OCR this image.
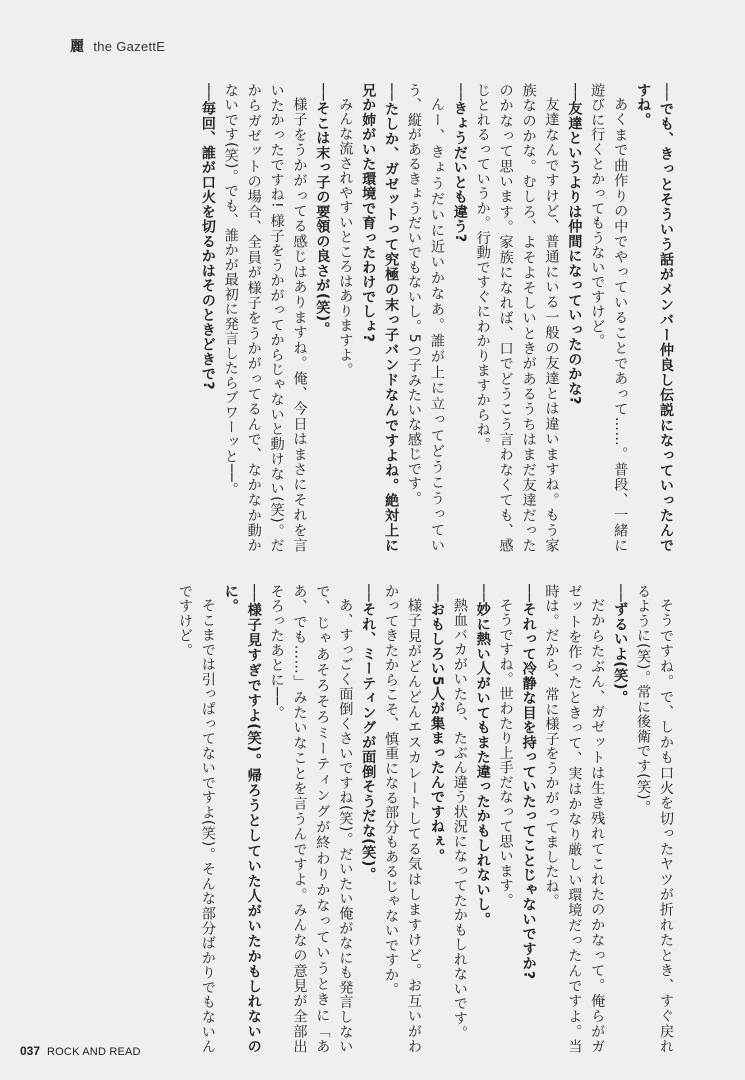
麗 the GazettE

──でも、きっとそういう話がメンバー仲良し伝説になっていったんですね。

あくまで曲作りの中でやっていることであって……。普段、一緒に遊びに行くとかってもうないですけど。

──友達というよりは仲間になっていったのかな?

友達なんですけど、普通にいる一般の友達とは違いますね。もう家族なのかな。むしろ、よそよそしいときがあるうちはまだ友達だったのかなって思います。家族になれば、口でどうこう言わなくても、感じとれるっていうか。行動ですぐにわかりますからね。

──きょうだいとも違う?

んー、きょうだいに近いかなあ。誰が上に立ってどうこうっていう、縦があるきょうだいでもないし。5つ子みたいな感じです。

──たしか、ガゼットって究極の末っ子バンドなんですよね。絶対上に兄か姉がいた環境で育ったわけでしょ?

みんな流されやすいところはありますよ。

──そこは末っ子の要領の良さが(笑)。

様子をうかがってる感じはありますね。俺、今日はまさにそれを言いたかったですね! 様子をうかがってからじゃないと動けない(笑)。だからガゼットの場合、全員が様子をうかがってるんで、なかなか動かないです(笑)。でも、誰かが最初に発言したらブワーッと──。

──毎回、誰が口火を切るかはそのときどきで?

そうですね。で、しかも口火を切ったヤツが折れたとき、すぐ戻れるように(笑)。常に後衛です(笑)。

──ずるいよ(笑)。

だからたぶん、ガゼットは生き残れてこれたのかなって。俺らがガゼットを作ったときって、実はかなり厳しい環境だったんですよ。当時は。だから、常に様子をうかがってましたね。

──それって冷静な目を持っていたってことじゃないですか?

そうですね。世わたり上手だなって思います。

──妙に熱い人がいてもまた違ったかもしれないし。

熱血バカがいたら、たぶん違う状況になってたかもしれないです。

──おもしろい5人が集まったんですねぇ。

様子見がどんどんエスカレートしてる気はしますけど。お互いがわかってきたからこそ、慎重になる部分もあるじゃないですか。

──それ、ミーティングが面倒そうだな(笑)。

あ、すっごく面倒くさいですね(笑)。だいたい俺がなにも発言しないで、じゃあそろそろミーティングが終わりかなっていうときに「ああ、でも……」みたいなことを言うんですよ。みんなの意見が全部出そろったあとに──。

──様子見すぎですよ(笑)。帰ろうとしていた人がいたかもしれないのに。

そこまでは引っぱってないですよ(笑)。そんな部分ばかりでもないんですけど。

037 ROCK AND READ
